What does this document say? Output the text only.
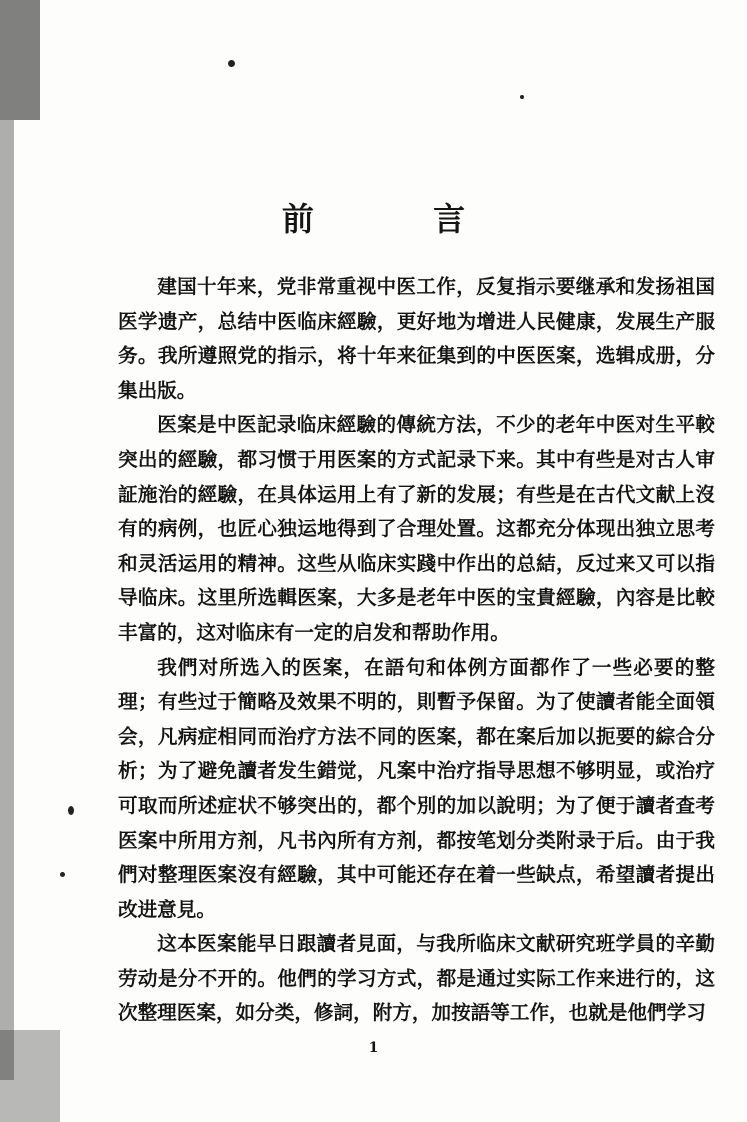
前 言

建国十年来，党非常重视中医工作，反复指示要继承和发扬祖国医学遗产，总结中医临床經驗，更好地为增进人民健康，发展生产服务。我所遵照党的指示，将十年来征集到的中医医案，选辑成册，分集出版。

医案是中医記录临床經驗的傳統方法，不少的老年中医对生平較突出的經驗，都习惯于用医案的方式記录下来。其中有些是对古人审証施治的經驗，在具体运用上有了新的发展；有些是在古代文献上沒有的病例，也匠心独运地得到了合理处置。这都充分体现出独立思考和灵活运用的精神。这些从临床实踐中作出的总結，反过来又可以指导临床。这里所选輯医案，大多是老年中医的宝貴經驗，內容是比較丰富的，这对临床有一定的启发和帮助作用。

我們对所选入的医案，在語句和体例方面都作了一些必要的整理；有些过于簡略及效果不明的，則暫予保留。为了使讀者能全面領会，凡病症相同而治疗方法不同的医案，都在案后加以扼要的綜合分析；为了避免讀者发生錯觉，凡案中治疗指导思想不够明显，或治疗可取而所述症状不够突出的，都个別的加以說明；为了便于讀者查考医案中所用方剂，凡书內所有方剂，都按笔划分类附录于后。由于我們对整理医案沒有經驗，其中可能还存在着一些缺点，希望讀者提出改进意見。

这本医案能早日跟讀者見面，与我所临床文献研究班学員的辛勤劳动是分不开的。他們的学习方式，都是通过实际工作来进行的，这次整理医案，如分类，修詞，附方，加按語等工作，也就是他們学习

1
